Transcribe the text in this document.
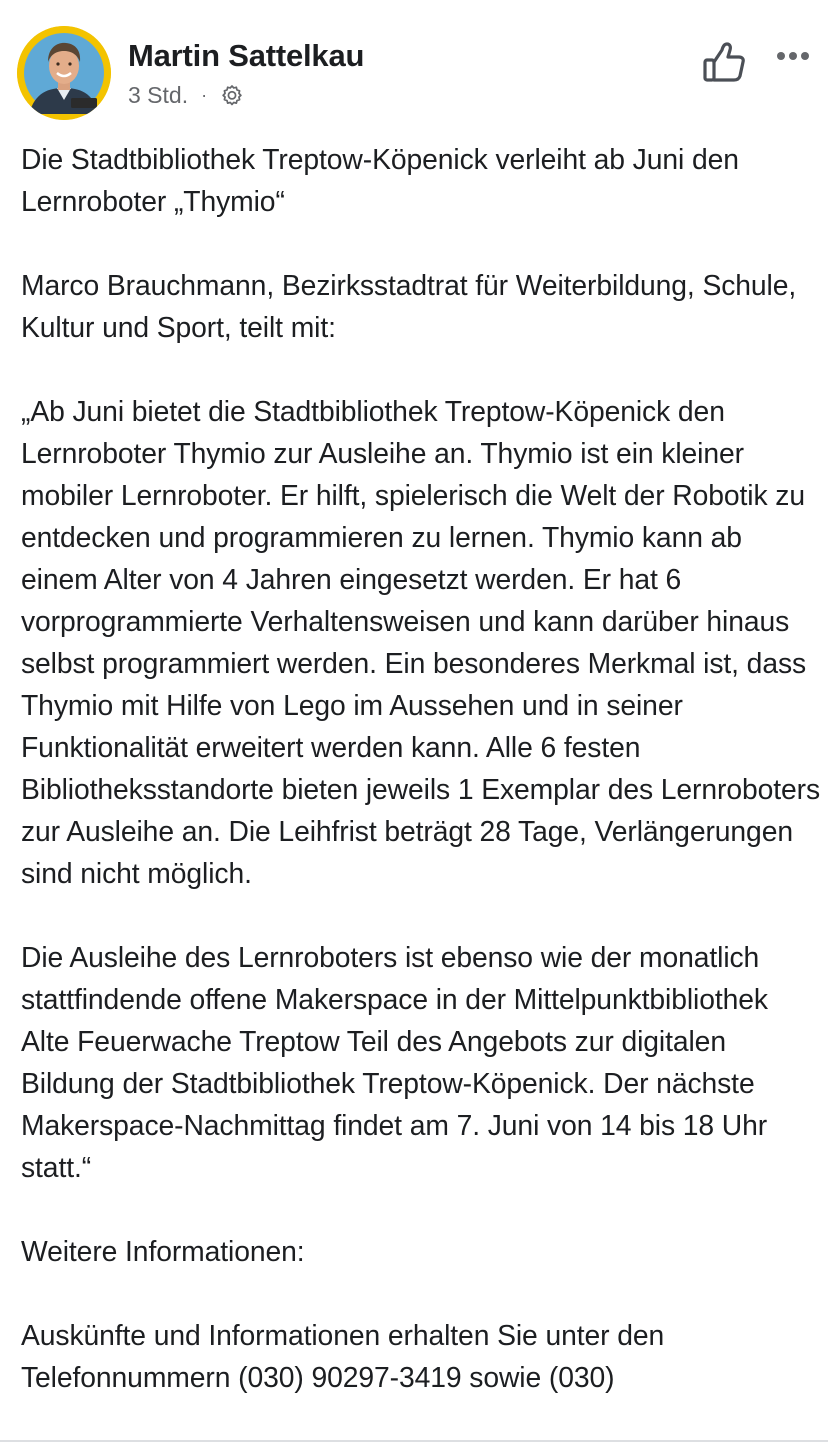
Martin Sattelkau
3 Std. ·

Die Stadtbibliothek Treptow-Köpenick verleiht ab Juni den Lernroboter „Thymio“

Marco Brauchmann, Bezirksstadtrat für Weiterbildung, Schule, Kultur und Sport, teilt mit:

„Ab Juni bietet die Stadtbibliothek Treptow-Köpenick den Lernroboter Thymio zur Ausleihe an. Thymio ist ein kleiner mobiler Lernroboter. Er hilft, spielerisch die Welt der Robotik zu entdecken und programmieren zu lernen. Thymio kann ab einem Alter von 4 Jahren eingesetzt werden. Er hat 6 vorprogrammierte Verhaltensweisen und kann darüber hinaus selbst programmiert werden. Ein besonderes Merkmal ist, dass Thymio mit Hilfe von Lego im Aussehen und in seiner Funktionalität erweitert werden kann. Alle 6 festen Bibliotheksstandorte bieten jeweils 1 Exemplar des Lernroboters zur Ausleihe an. Die Leihfrist beträgt 28 Tage, Verlängerungen sind nicht möglich.

Die Ausleihe des Lernroboters ist ebenso wie der monatlich stattfindende offene Makerspace in der Mittelpunktbibliothek Alte Feuerwache Treptow Teil des Angebots zur digitalen Bildung der Stadtbibliothek Treptow-Köpenick. Der nächste Makerspace-Nachmittag findet am 7. Juni von 14 bis 18 Uhr statt.“

Weitere Informationen:

Auskünfte und Informationen erhalten Sie unter den Telefonnummern (030) 90297-3419 sowie (030)
